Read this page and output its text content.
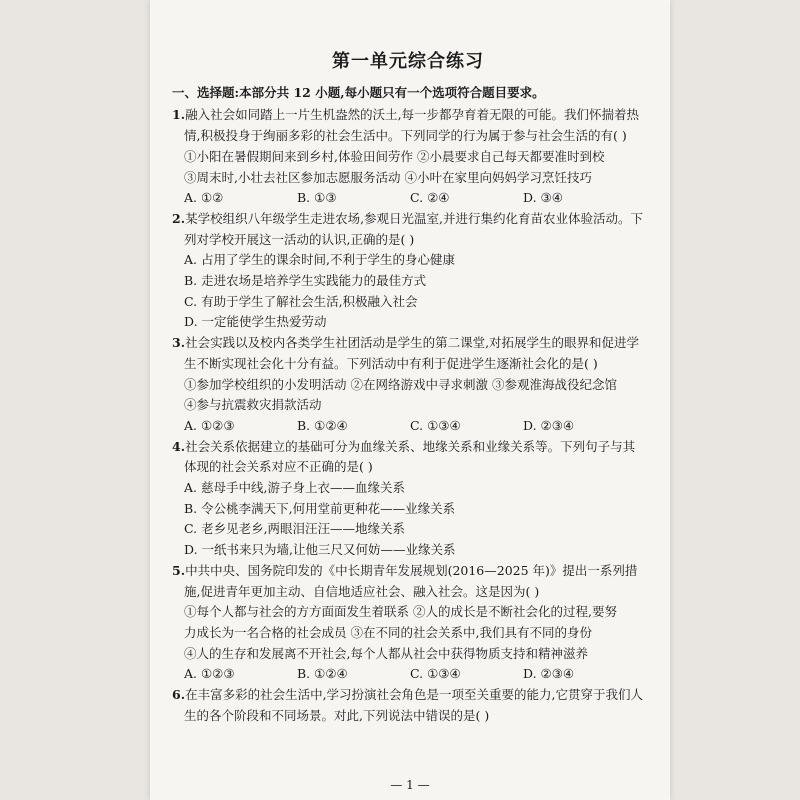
第一单元综合练习
一、选择题:本部分共 12 小题,每小题只有一个选项符合题目要求。
1.融入社会如同踏上一片生机盎然的沃土,每一步都孕育着无限的可能。我们怀揣着热情,积极投身于绚丽多彩的社会生活中。下列同学的行为属于参与社会生活的有( )
①小阳在暑假期间来到乡村,体验田间劳作 ②小晨要求自己每天都要准时到校
③周末时,小壮去社区参加志愿服务活动 ④小叶在家里向妈妈学习烹饪技巧
A. ①②	B. ①③	C. ②④	D. ③④
2.某学校组织八年级学生走进农场,参观日光温室,并进行集约化育苗农业体验活动。下列对学校开展这一活动的认识,正确的是( )
A. 占用了学生的课余时间,不利于学生的身心健康
B. 走进农场是培养学生实践能力的最佳方式
C. 有助于学生了解社会生活,积极融入社会
D. 一定能使学生热爱劳动
3.社会实践以及校内各类学生社团活动是学生的第二课堂,对拓展学生的眼界和促进学生不断实现社会化十分有益。下列活动中有利于促进学生逐渐社会化的是( )
①参加学校组织的小发明活动 ②在网络游戏中寻求刺激 ③参观淮海战役纪念馆
④参与抗震救灾捐款活动
A. ①②③	B. ①②④	C. ①③④	D. ②③④
4.社会关系依据建立的基础可分为血缘关系、地缘关系和业缘关系等。下列句子与其体现的社会关系对应不正确的是( )
A. 慈母手中线,游子身上衣——血缘关系
B. 令公桃李满天下,何用堂前更种花——业缘关系
C. 老乡见老乡,两眼泪汪汪——地缘关系
D. 一纸书来只为墙,让他三尺又何妨——业缘关系
5.中共中央、国务院印发的《中长期青年发展规划(2016—2025 年)》提出一系列措施,促进青年更加主动、自信地适应社会、融入社会。这是因为( )
①每个人都与社会的方方面面发生着联系 ②人的成长是不断社会化的过程,要努
力成长为一名合格的社会成员 ③在不同的社会关系中,我们具有不同的身份
④人的生存和发展离不开社会,每个人都从社会中获得物质支持和精神滋养
A. ①②③	B. ①②④	C. ①③④	D. ②③④
6.在丰富多彩的社会生活中,学习扮演社会角色是一项至关重要的能力,它贯穿于我们人生的各个阶段和不同场景。对此,下列说法中错误的是( )
— 1 —
